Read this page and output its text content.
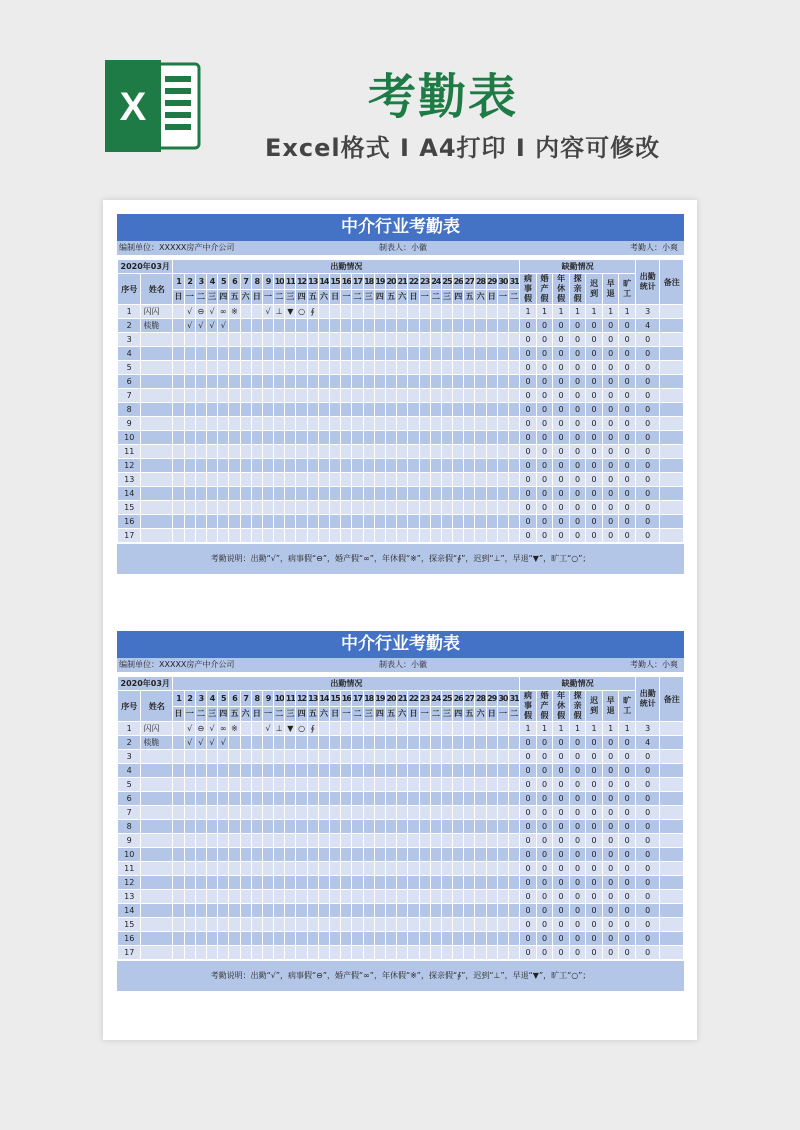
X	考勤表
Excel格式 I A4打印 I 内容可修改
中介行业考勤表
编制单位：XXXXX房产中介公司	制表人：小徽	考勤人：小爽
2020年03月		出勤情况																															缺勤情况							出勤统计	备注
序号	姓名	1	2	3	4	5	6	7	8	9	10	11	12	13	14	15	16	17	18	19	20	21	22	23	24	25	26	27	28	29	30	31	病事假	婚产假	年休假	探亲假	迟到	早退	旷工		
		日	一	二	三	四	五	六	日	一	二	三	四	五	六	日	一	二	三	四	五	六	日	一	二	三	四	五	六	日	一	二									
1	闪闪		√	⊖	√	∞	※			√	⊥	▼	○	∮																			1	1	1	1	1	1	1	3	
2	棪脆		√	√	√	√																											0	0	0	0	0	0	0	4	
3																																	0	0	0	0	0	0	0	0	
4																																	0	0	0	0	0	0	0	0	
5																																	0	0	0	0	0	0	0	0	
6																																	0	0	0	0	0	0	0	0	
7																																	0	0	0	0	0	0	0	0	
8																																	0	0	0	0	0	0	0	0	
9																																	0	0	0	0	0	0	0	0	
10																																	0	0	0	0	0	0	0	0	
11																																	0	0	0	0	0	0	0	0	
12																																	0	0	0	0	0	0	0	0	
13																																	0	0	0	0	0	0	0	0	
14																																	0	0	0	0	0	0	0	0	
15																																	0	0	0	0	0	0	0	0	
16																																	0	0	0	0	0	0	0	0	
17																																	0	0	0	0	0	0	0	0	
考勤说明：出勤“√”，病事假“⊖”，婚产假“∞”，年休假“※”，探亲假“∮”，迟到“⊥”，早退“▼”，旷工“○”；
中介行业考勤表
编制单位：XXXXX房产中介公司	制表人：小徽	考勤人：小爽
2020年03月		出勤情况																															缺勤情况							出勤统计	备注
序号	姓名	1	2	3	4	5	6	7	8	9	10	11	12	13	14	15	16	17	18	19	20	21	22	23	24	25	26	27	28	29	30	31	病事假	婚产假	年休假	探亲假	迟到	早退	旷工		
		日	一	二	三	四	五	六	日	一	二	三	四	五	六	日	一	二	三	四	五	六	日	一	二	三	四	五	六	日	一	二									
1	闪闪		√	⊖	√	∞	※			√	⊥	▼	○	∮																			1	1	1	1	1	1	1	3	
2	棪脆		√	√	√	√																											0	0	0	0	0	0	0	4	
3																																	0	0	0	0	0	0	0	0	
4																																	0	0	0	0	0	0	0	0	
5																																	0	0	0	0	0	0	0	0	
6																																	0	0	0	0	0	0	0	0	
7																																	0	0	0	0	0	0	0	0	
8																																	0	0	0	0	0	0	0	0	
9																																	0	0	0	0	0	0	0	0	
10																																	0	0	0	0	0	0	0	0	
11																																	0	0	0	0	0	0	0	0	
12																																	0	0	0	0	0	0	0	0	
13																																	0	0	0	0	0	0	0	0	
14																																	0	0	0	0	0	0	0	0	
15																																	0	0	0	0	0	0	0	0	
16																																	0	0	0	0	0	0	0	0	
17																																	0	0	0	0	0	0	0	0	
考勤说明：出勤“√”，病事假“⊖”，婚产假“∞”，年休假“※”，探亲假“∮”，迟到“⊥”，早退“▼”，旷工“○”；
